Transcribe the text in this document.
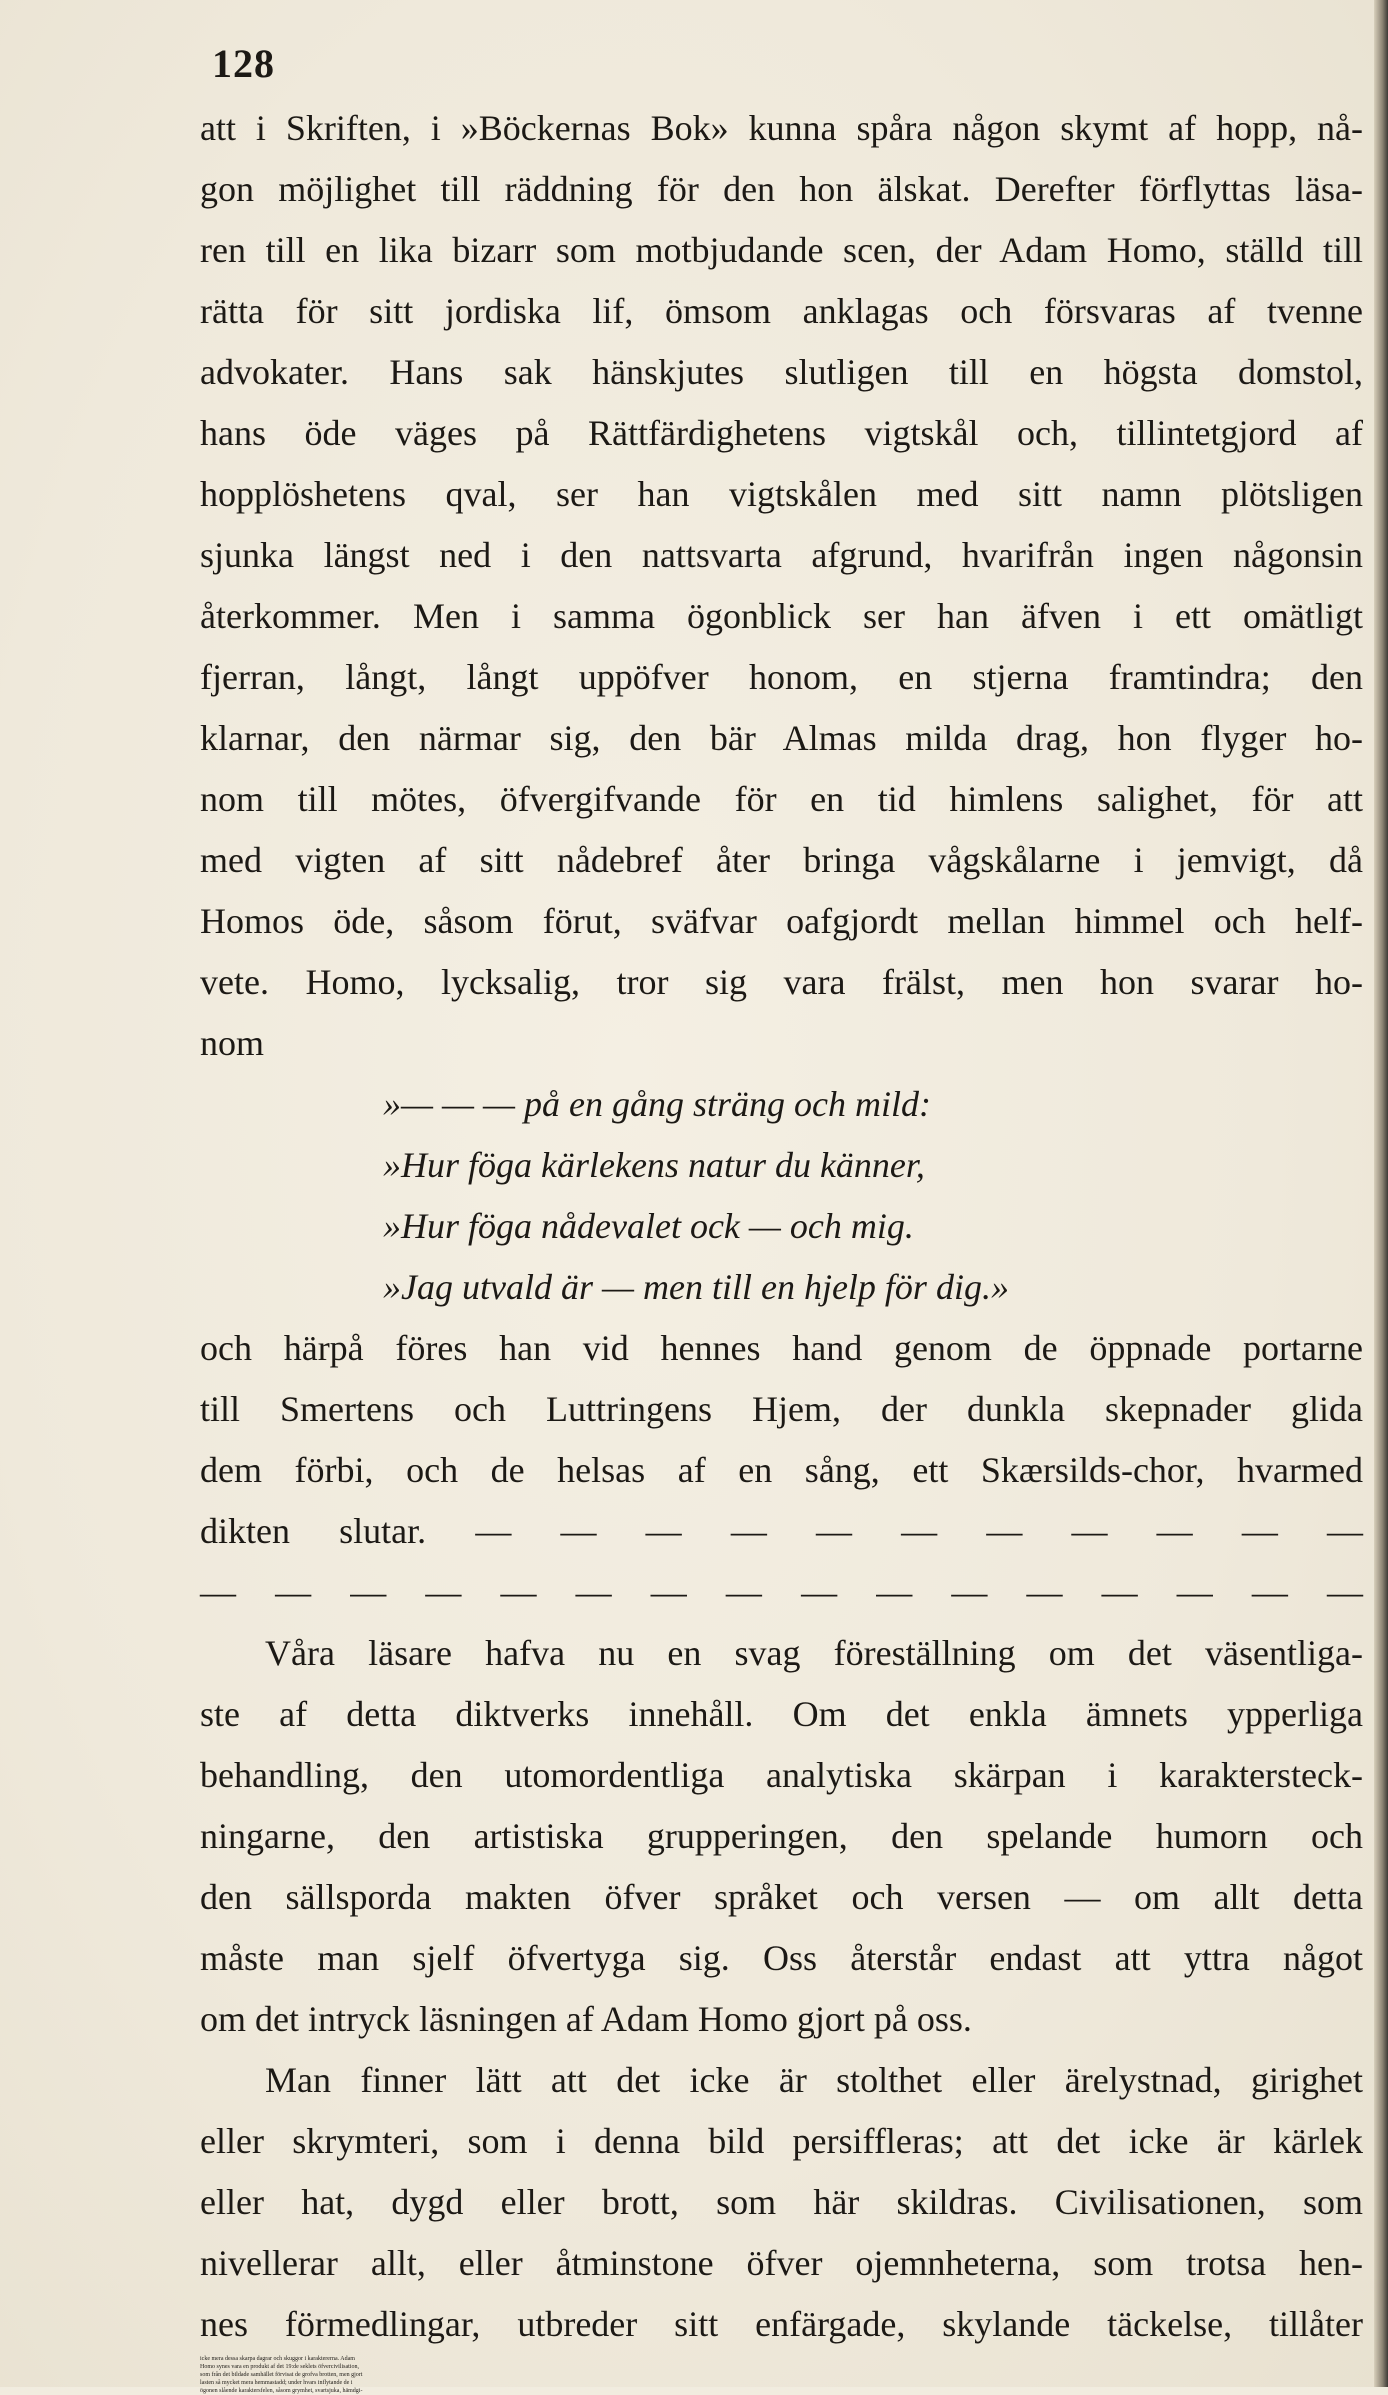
128
att i Skriften, i »Böckernas Bok» kunna spåra någon skymt af hopp, nå-
gon möjlighet till räddning för den hon älskat. Derefter förflyttas läsa-
ren till en lika bizarr som motbjudande scen, der Adam Homo, ställd till
rätta för sitt jordiska lif, ömsom anklagas och försvaras af tvenne
advokater. Hans sak hänskjutes slutligen till en högsta domstol,
hans öde väges på Rättfärdighetens vigtskål och, tillintetgjord af
hopplöshetens qval, ser han vigtskålen med sitt namn plötsligen
sjunka längst ned i den nattsvarta afgrund, hvarifrån ingen någonsin
återkommer. Men i samma ögonblick ser han äfven i ett omätligt
fjerran, långt, långt uppöfver honom, en stjerna framtindra; den
klarnar, den närmar sig, den bär Almas milda drag, hon flyger ho-
nom till mötes, öfvergifvande för en tid himlens salighet, för att
med vigten af sitt nådebref åter bringa vågskålarne i jemvigt, då
Homos öde, såsom förut, sväfvar oafgjordt mellan himmel och helf-
vete. Homo, lycksalig, tror sig vara frälst, men hon svarar ho-
nom
»— — — på en gång sträng och mild:
»Hur föga kärlekens natur du känner,
»Hur föga nådevalet ock — och mig.
»Jag utvald är — men till en hjelp för dig.»
och härpå föres han vid hennes hand genom de öppnade portarne
till Smertens och Luttringens Hjem, der dunkla skepnader glida
dem förbi, och de helsas af en sång, ett Skærsilds-chor, hvarmed
dikten slutar. — — — — — — — — — — —
— — — — — — — — — — — — — — — —
Våra läsare hafva nu en svag föreställning om det väsentliga-
ste af detta diktverks innehåll. Om det enkla ämnets ypperliga
behandling, den utomordentliga analytiska skärpan i karaktersteck-
ningarne, den artistiska grupperingen, den spelande humorn och
den sällsporda makten öfver språket och versen — om allt detta
måste man sjelf öfvertyga sig. Oss återstår endast att yttra något
om det intryck läsningen af Adam Homo gjort på oss.
Man finner lätt att det icke är stolthet eller ärelystnad, girighet
eller skrymteri, som i denna bild persiffleras; att det icke är kärlek
eller hat, dygd eller brott, som här skildras. Civilisationen, som
nivellerar allt, eller åtminstone öfver ojemnheterna, som trotsa hen-
nes förmedlingar, utbreder sitt enfärgade, skylande täckelse, tillåter
icke mera dessa skarpa dagrar och skuggor i karaktererna. Adam
Homo synes vara en produkt af det 19:de seklets öfvercivilisation,
som från det bildade samhället förvisat de grofva brotten, men gjort
lasten så mycket mera hemmastadd; under hvars inflytande de i
ögonen slående karaktersfelen, såsom grymhet, svartsjuka, hämdgi-
